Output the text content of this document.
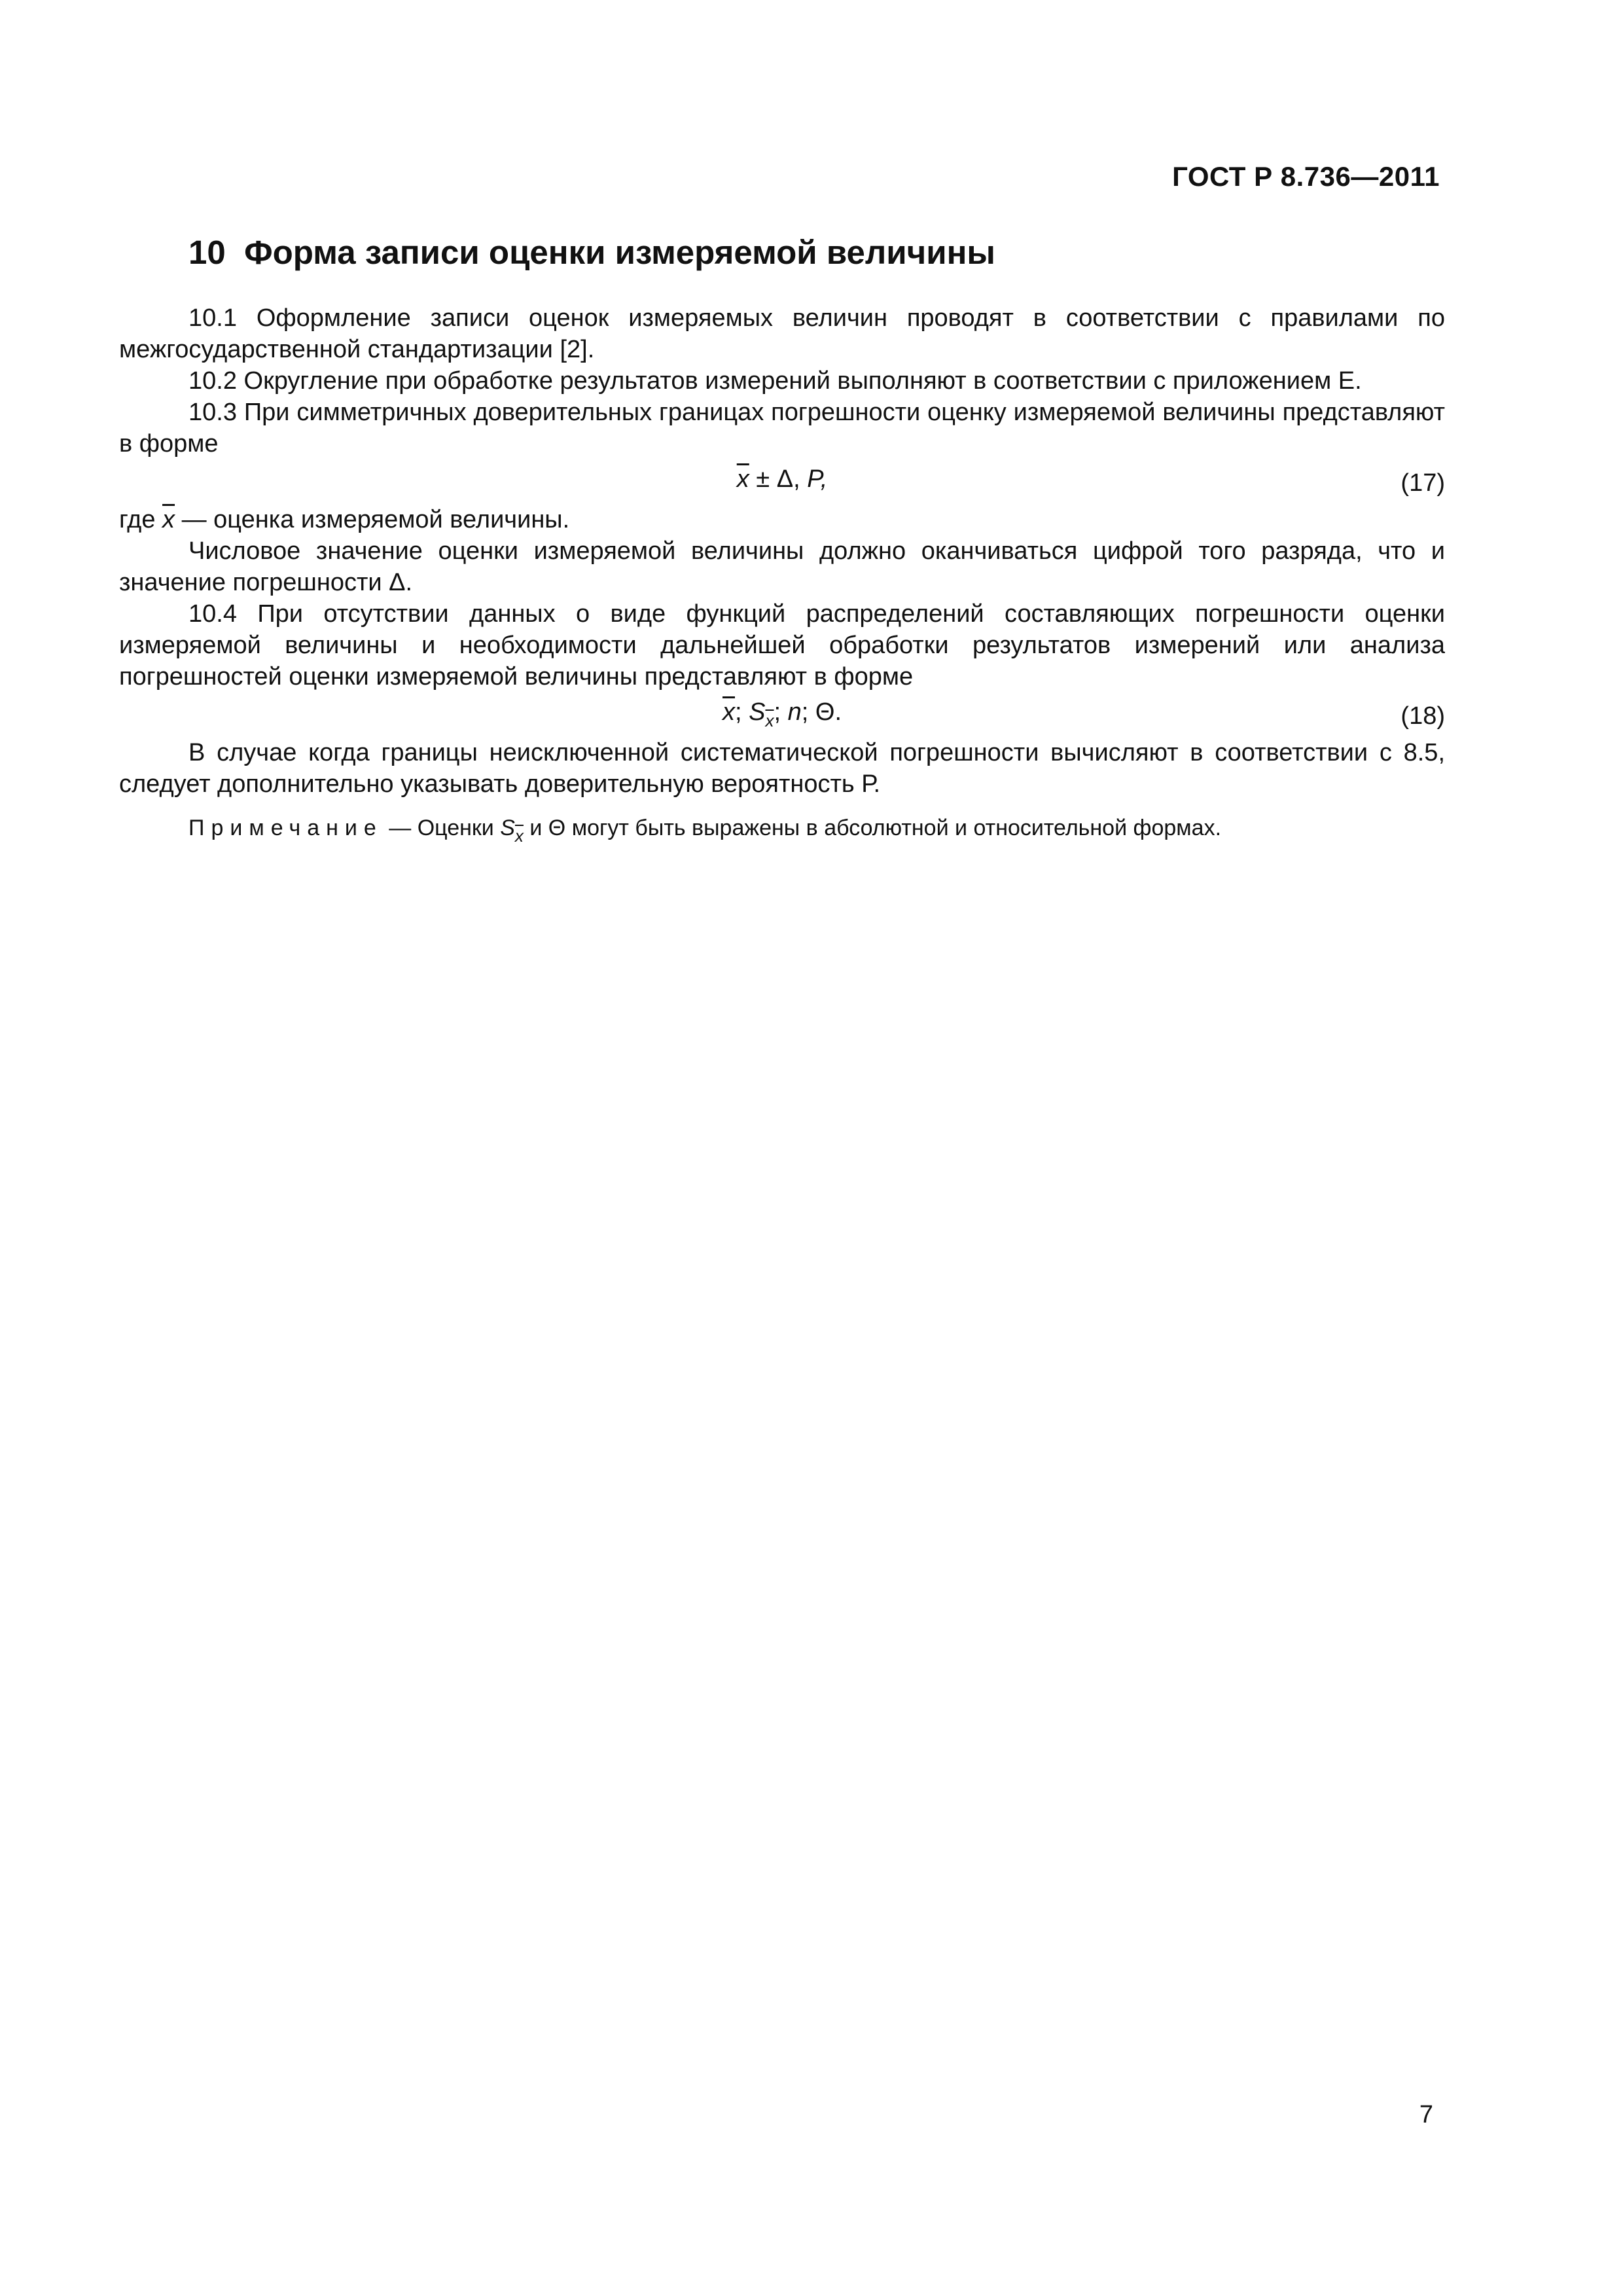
ГОСТ Р 8.736—2011
10 Форма записи оценки измеряемой величины

10.1 Оформление записи оценок измеряемых величин проводят в соответствии с правилами по межгосударственной стандартизации [2].

10.2 Округление при обработке результатов измерений выполняют в соответствии с приложением Е.

10.3 При симметричных доверительных границах погрешности оценку измеряемой величины представляют в форме

$\overline{x} \pm \Delta$, P,	(17)

где $\overline{x}$ — оценка измеряемой величины.

Числовое значение оценки измеряемой величины должно оканчиваться цифрой того разряда, что и значение погрешности Δ.

10.4 При отсутствии данных о виде функций распределений составляющих погрешности оценки измеряемой величины и необходимости дальнейшей обработки результатов измерений или анализа погрешностей оценки измеряемой величины представляют в форме

$\overline{x}$; $S_{\overline{x}}$; n; Θ.	(18)

В случае когда границы неисключенной систематической погрешности вычисляют в соответствии с 8.5, следует дополнительно указывать доверительную вероятность Р.

Примечание — Оценки $S_{\overline{x}}$ и Θ могут быть выражены в абсолютной и относительной формах.

7
